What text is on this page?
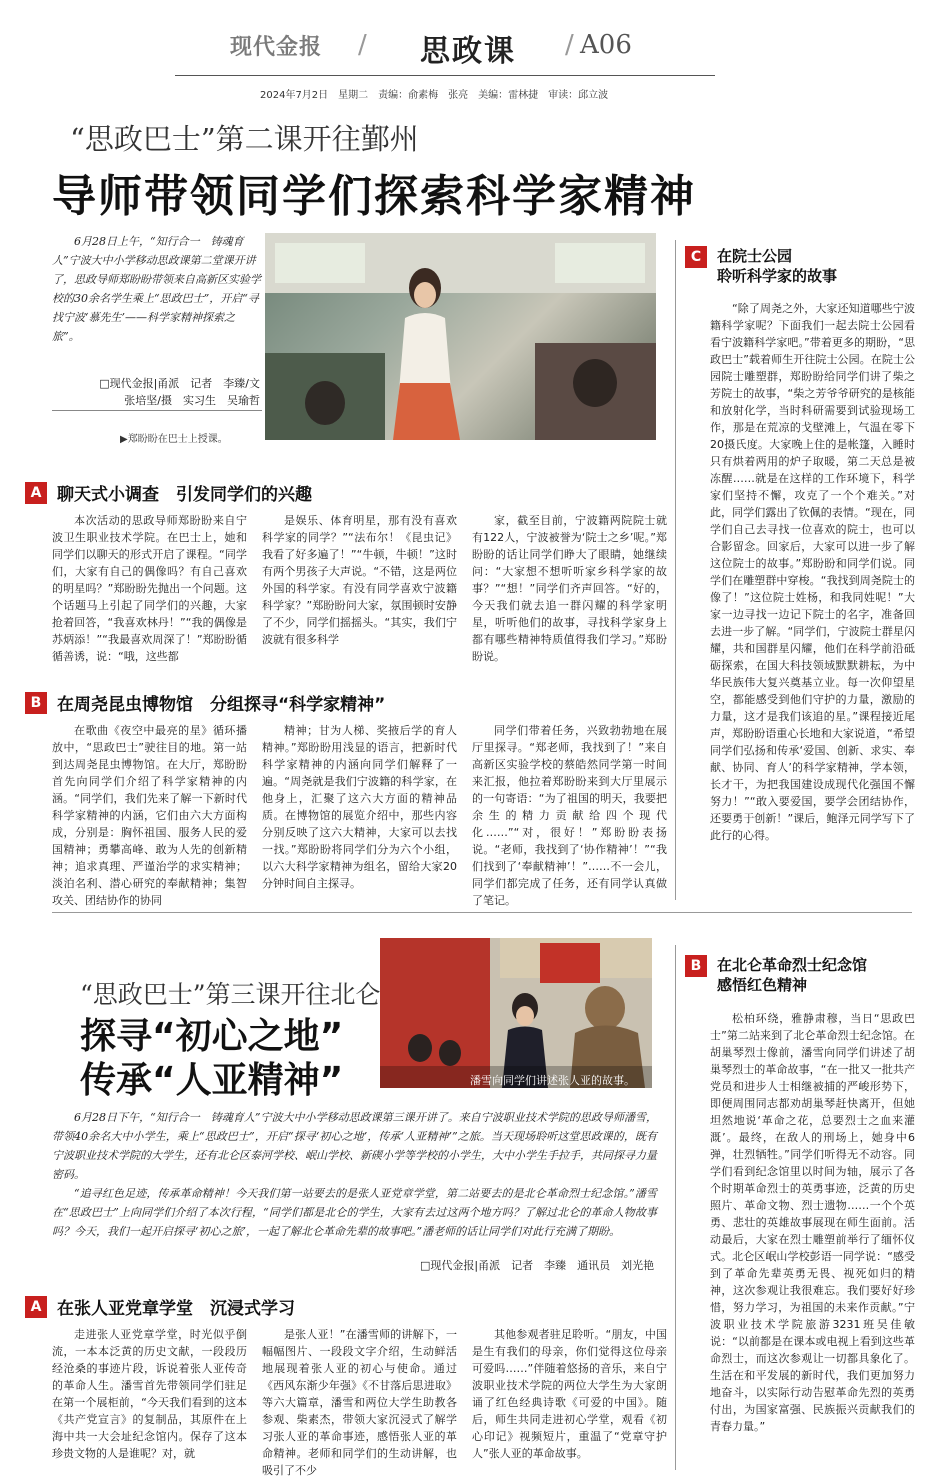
现代金报 / 思政课 / A06
2024年7月2日　星期二　责编：俞素梅　张亮　美编：雷林捷　审读：邱立波
“思政巴士”第二课开往鄞州
导师带领同学们探索科学家精神
6月28日上午，“知行合一　铸魂育人”宁波大中小学移动思政课第二堂课开讲了，思政导师郑盼盼带领来自高新区实验学校的30余名学生乘上“思政巴士”，开启“寻找宁波‘慕先生’——科学家精神探索之旅”。
□现代金报|甬派　记者　李臻/文
张培坚/摄　实习生　吴瑜哲
▶郑盼盼在巴士上授课。
A 聊天式小调查　引发同学们的兴趣
本次活动的思政导师郑盼盼来自宁波卫生职业技术学院。在巴士上，她和同学们以聊天的形式开启了课程。“同学们，大家有自己的偶像吗？有自己喜欢的明星吗？”郑盼盼先抛出一个问题。这个话题马上引起了同学们的兴趣，大家抢着回答，“我喜欢林丹！”“我的偶像是苏炳添！”“我最喜欢周深了！”郑盼盼循循善诱，说：“哦，这些都
是娱乐、体育明星，那有没有喜欢科学家的同学？”“法布尔！《昆虫记》我看了好多遍了！”“牛顿，牛顿！”这时有两个男孩子大声说。“不错，这是两位外国的科学家。有没有同学喜欢宁波籍科学家？”郑盼盼问大家，氛围顿时安静了不少，同学们摇摇头。“其实，我们宁波就有很多科学
家，截至目前，宁波籍两院院士就有122人，宁波被誉为‘院士之乡’呢。”郑盼盼的话让同学们睁大了眼睛，她继续问：“大家想不想听听家乡科学家的故事？”“想！”同学们齐声回答。“好的，今天我们就去追一群闪耀的科学家明星，听听他们的故事，寻找科学家身上都有哪些精神特质值得我们学习。”郑盼盼说。
B 在周尧昆虫博物馆　分组探寻“科学家精神”
在歌曲《夜空中最亮的星》循环播放中，“思政巴士”驶往目的地。第一站到达周尧昆虫博物馆。在大厅，郑盼盼首先向同学们介绍了科学家精神的内涵。“同学们，我们先来了解一下新时代科学家精神的内涵，它们由六大方面构成，分别是：胸怀祖国、服务人民的爱国精神；勇攀高峰、敢为人先的创新精神；追求真理、严谨治学的求实精神；淡泊名利、潜心研究的奉献精神；集智攻关、团结协作的协同
精神；甘为人梯、奖掖后学的育人精神。”郑盼盼用浅显的语言，把新时代科学家精神的内涵向同学们解释了一遍。“周尧就是我们宁波籍的科学家，在他身上，汇聚了这六大方面的精神品质。在博物馆的展览介绍中，那些内容分别反映了这六大精神，大家可以去找一找。”郑盼盼将同学们分为六个小组，以六大科学家精神为组名，留给大家20分钟时间自主探寻。
同学们带着任务，兴致勃勃地在展厅里探寻。“郑老师，我找到了！”来自高新区实验学校的蔡皓然同学第一时间来汇报，他拉着郑盼盼来到大厅里展示的一句寄语：“为了祖国的明天，我要把余生的精力贡献给四个现代化……”“对，很好！”郑盼盼表扬说。“老师，我找到了‘协作精神’！”“我们找到了‘奉献精神’！”……不一会儿，同学们都完成了任务，还有同学认真做了笔记。
C 在院士公园
聆听科学家的故事
“除了周尧之外，大家还知道哪些宁波籍科学家呢？下面我们一起去院士公园看看宁波籍科学家吧。”带着更多的期盼，“思政巴士”载着师生开往院士公园。在院士公园院士雕塑群，郑盼盼给同学们讲了柴之芳院士的故事，“柴之芳爷爷研究的是核能和放射化学，当时科研需要到试验现场工作，那是在荒凉的戈壁滩上，气温在零下20摄氏度。大家晚上住的是帐篷，入睡时只有烘着两用的炉子取暖，第二天总是被冻醒……就是在这样的工作环境下，科学家们坚持不懈，攻克了一个个难关。”对此，同学们露出了钦佩的表情。“现在，同学们自己去寻找一位喜欢的院士，也可以合影留念。回家后，大家可以进一步了解这位院士的故事。”郑盼盼和同学们说。同学们在雕塑群中穿梭。“我找到周尧院士的像了！”这位院士姓杨，和我同姓呢！”大家一边寻找一边记下院士的名字，准备回去进一步了解。“同学们，宁波院士群星闪耀，共和国群星闪耀，他们在科学前沿砥砺探索，在国大科技领域默默耕耘，为中华民族伟大复兴奠基立业。每一次仰望星空，都能感受到他们守护的力量，激励的力量，这才是我们该追的星。”课程接近尾声，郑盼盼语重心长地和大家说道，“希望同学们弘扬和传承‘爱国、创新、求实、奉献、协同、育人’的科学家精神，学本领，长才干，为把我国建设成现代化强国不懈努力！”“敢入要爱国，要学会团结协作，还要勇于创新！”课后，鲍泽元同学写下了此行的心得。
潘雪向同学们讲述张人亚的故事。
“思政巴士”第三课开往北仑
探寻“初心之地”
传承“人亚精神”

6月28日下午，“知行合一　铸魂育人”宁波大中小学移动思政课第三课开讲了。来自宁波职业技术学院的思政导师潘雪，带领40余名大中小学生，乘上“思政巴士”，开启“探寻‘初心之地’，传承‘人亚精神’”之旅。当天现场聆听这堂思政课的，既有宁波职业技术学院的大学生，还有北仑区泰河学校、岷山学校、新碶小学等学校的小学生，大中小学生手拉手，共同探寻力量密码。

“追寻红色足迹，传承革命精神！今天我们第一站要去的是张人亚党章学堂，第二站要去的是北仑革命烈士纪念馆。”潘雪在“思政巴士”上向同学们介绍了本次行程，“同学们都是北仑的学生，大家有去过这两个地方吗？了解过北仑的革命人物故事吗？今天，我们一起开启探寻‘初心之旅’，一起了解北仑革命先辈的故事吧。”潘老师的话让同学们对此行充满了期盼。

□现代金报|甬派　记者　李臻　通讯员　刘光艳
A 在张人亚党章学堂　沉浸式学习
走进张人亚党章学堂，时光似乎倒流，一本本泛黄的历史文献，一段段历经沧桑的事迹片段，诉说着张人亚传奇的革命人生。潘雪首先带领同学们驻足在第一个展柜前，“今天我们看到的这本《共产党宣言》的复制品，其原件在上海中共一大会址纪念馆内。保存了这本珍贵文物的人是谁呢？对，就
是张人亚！”在潘雪师的讲解下，一幅幅图片、一段段文字介绍，生动鲜活地展现着张人亚的初心与使命。通过《西风东渐少年强》《不甘落后思进取》等六大篇章，潘雪和两位大学生助教各参观、柴素杰，带领大家沉浸式了解学习张人亚的革命事迹，感悟张人亚的革命精神。老师和同学们的生动讲解，也吸引了不少
其他参观者驻足聆听。“朋友，中国是生有我们的母亲，你们觉得这位母亲可爱吗……”伴随着悠扬的音乐，来自宁波职业技术学院的两位大学生为大家朗诵了红色经典诗歌《可爱的中国》。随后，师生共同走进初心学堂，观看《初心印记》视频短片，重温了“党章守护人”张人亚的革命故事。
B 在北仑革命烈士纪念馆
感悟红色精神
松柏环绕，雅静肃穆，当日“思政巴士”第二站来到了北仑革命烈士纪念馆。在胡巢琴烈士像前，潘雪向同学们讲述了胡巢琴烈士的革命故事，“在一批又一批共产党员和进步人士相继被捕的严峻形势下，即便周围同志都劝胡巢琴赶快离开，但她坦然地说‘革命之花，总要烈士之血来灌溉’。最终，在敌人的刑场上，她身中6弹，壮烈牺牲。”同学们听得无不动容。同学们看到纪念馆里以时间为轴，展示了各个时期革命烈士的英勇事迹，泛黄的历史照片、革命文物、烈士遗物……一个个英勇、悲壮的英雄故事展现在师生面前。活动最后，大家在烈士雕塑前举行了缅怀仪式。北仑区岷山学校彭语一同学说：“感受到了革命先辈英勇无畏、视死如归的精神，这次参观让我很难忘。我们要好好珍惜，努力学习，为祖国的未来作贡献。”宁波职业技术学院旅游3231班吴佳敏说：“以前都是在课本或电视上看到这些革命烈士，而这次参观让一切都具象化了。生活在和平发展的新时代，我们更加努力地奋斗，以实际行动告慰革命先烈的英勇付出，为国家富强、民族振兴贡献我们的青春力量。”
